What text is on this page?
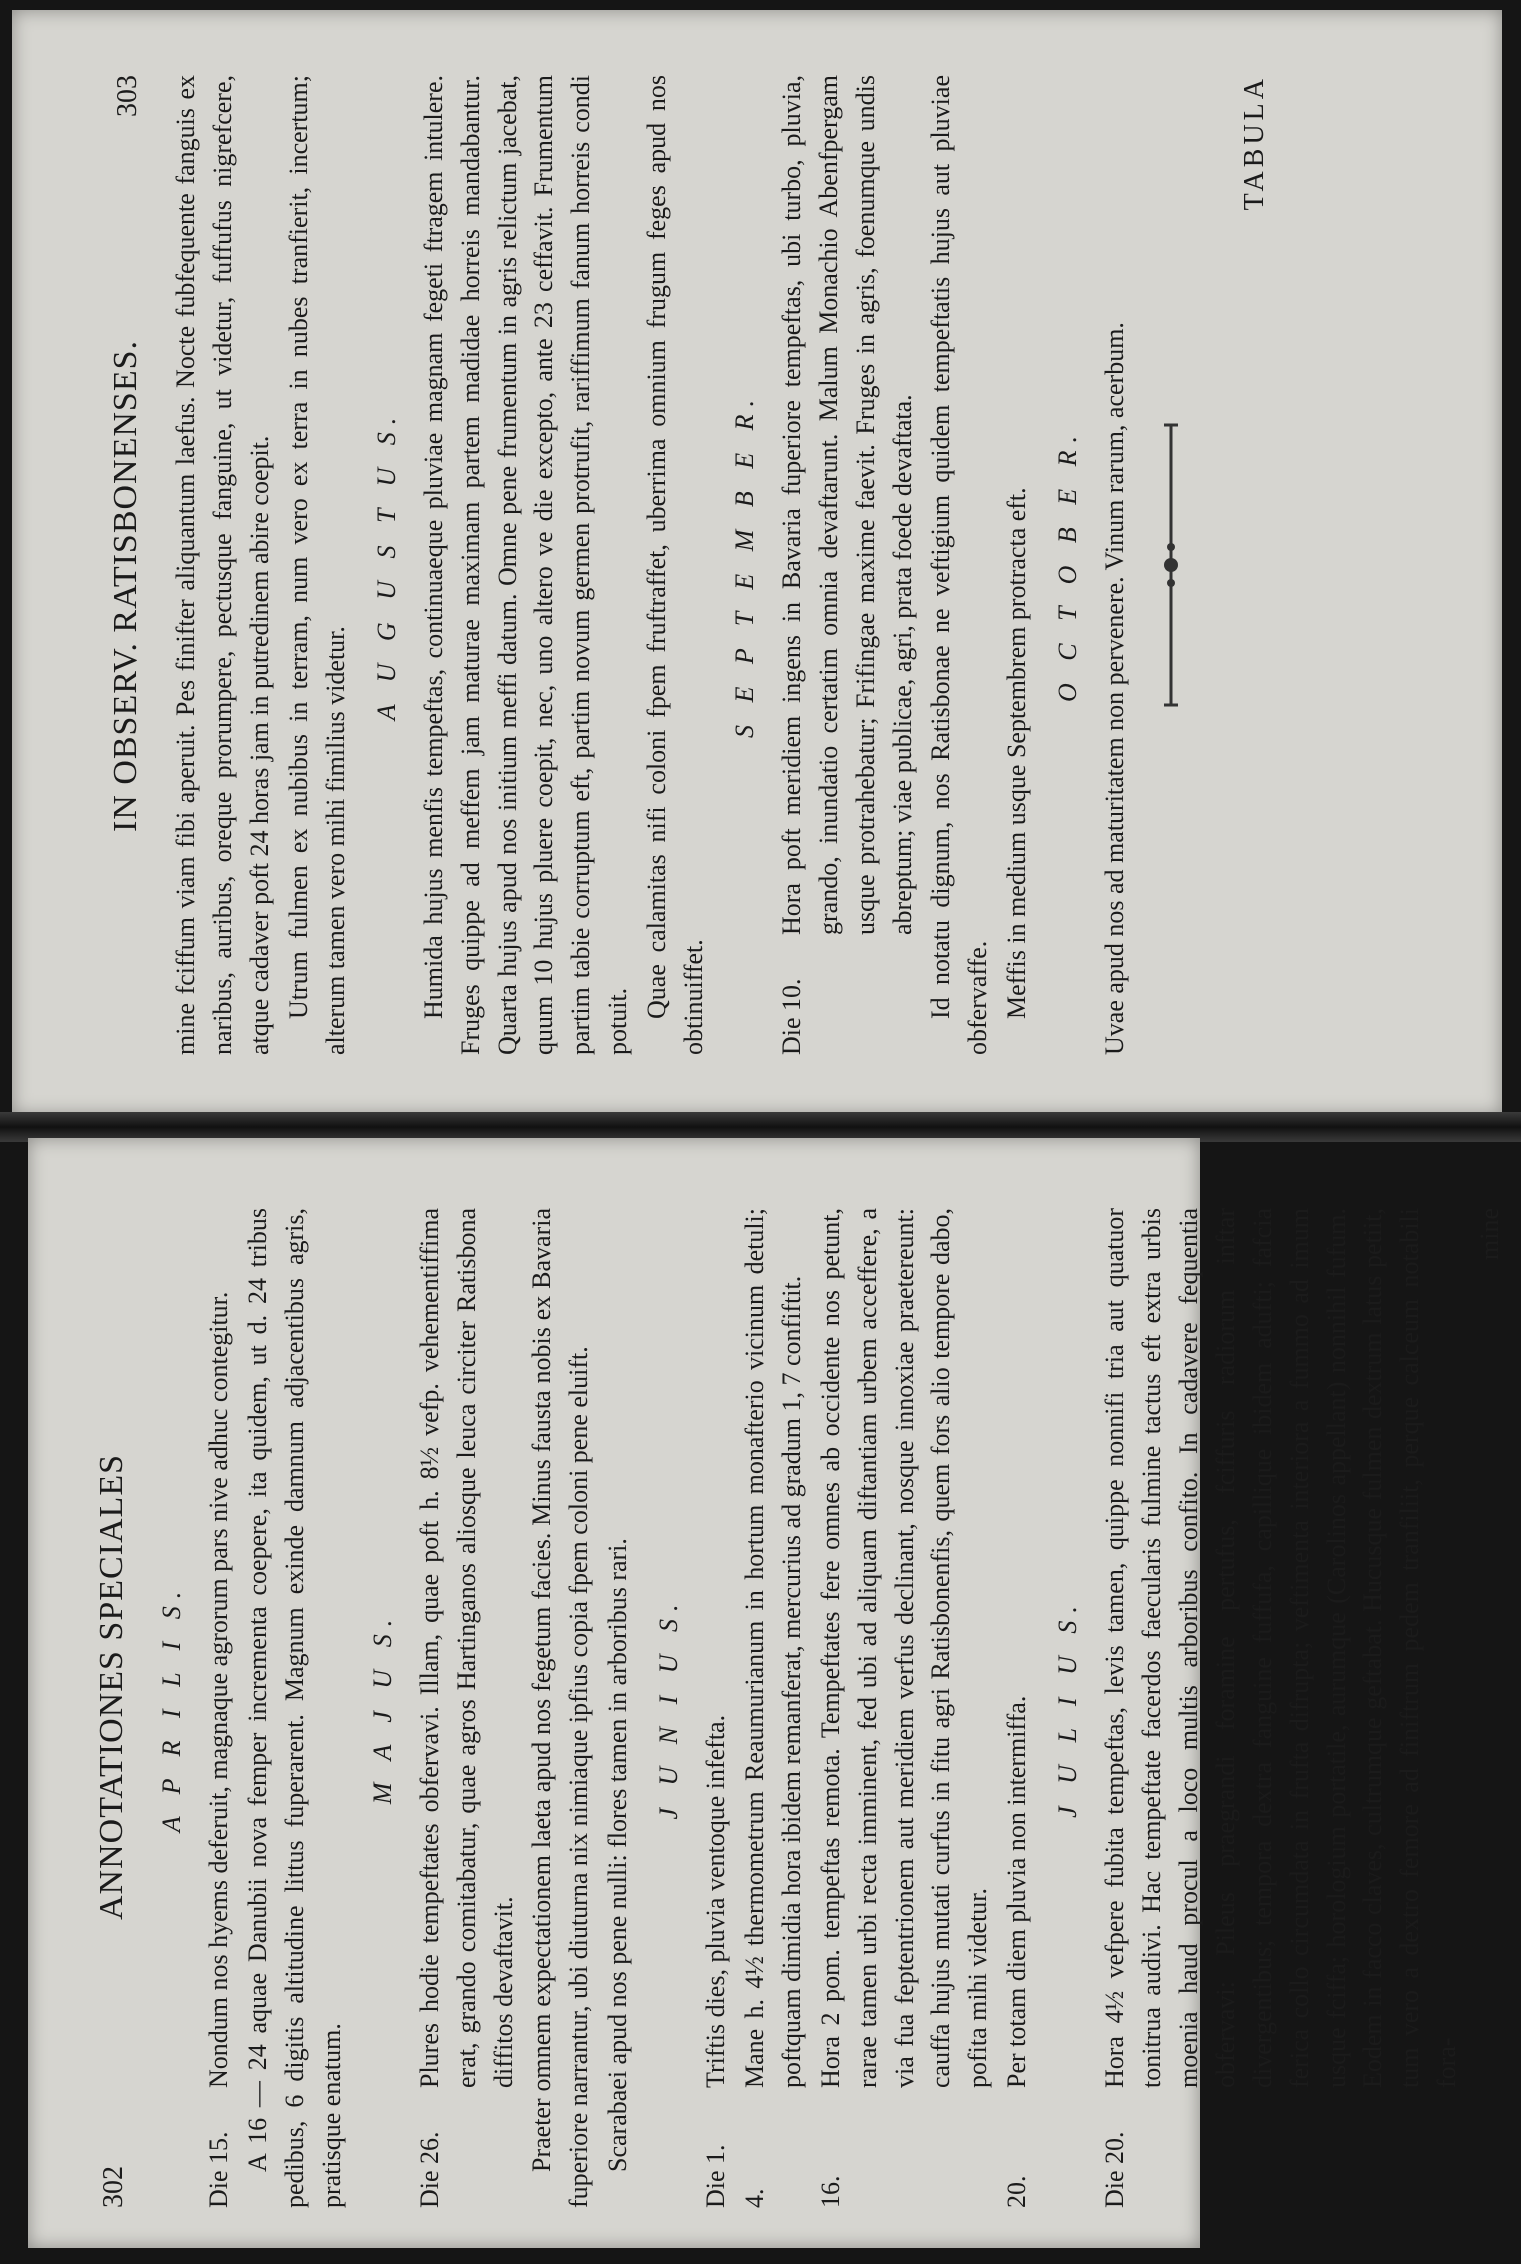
IN OBSERV. RATISBONENSES.
303 mine fciffum viam fibi aperuit. Pes finifter aliquantum laefus. Nocte fubfequente fanguis ex naribus, auribus, oreque prorumpere, pectusque fanguine, ut videtur, fuffufus nigrefcere, atque cadaver poft 24 horas jam in putredinem abire coepit. Utrum fulmen ex nubibus in terram, num vero ex terra in nubes tranfierit, incertum; alterum tamen vero mihi fimilius videtur.
A U G U S T U S. Humida hujus menfis tempeftas, continuaeque pluviae magnam fegeti ftragem intulere. Fruges quippe ad meffem jam maturae maximam partem madidae horreis mandabantur. Quarta hujus apud nos initium meffi datum. Omne pene frumentum in agris relictum jacebat, quum 10 hujus pluere coepit, nec, uno altero ve die excepto, ante 23 ceffavit. Frumentum partim tabie corruptum eft, partim novum germen protrufit, rariffimum fanum horreis condi potuit.
Quae calamitas nifi coloni fpem fruftraffet, uberrima omnium frugum feges apud nos obtinuiffet.
S E P T E M B E R.
Die 10.
Hora poft meridiem ingens in Bavaria fuperiore tempeftas, ubi turbo, pluvia, grando, inundatio certatim omnia devaftarunt. Malum Monachio Abenfpergam usque protrahebatur; Frifingae maxime faevit. Fruges in agris, foenumque undis abreptum; viae publicae, agri, prata foede devaftata. Id notatu dignum, nos Ratisbonae ne veftigium quidem tempeftatis hujus aut pluviae obfervaffe. Meffis in medium usque Septembrem protracta eft. O C T O B E R. Uvae apud nos ad maturitatem non pervenere. Vinum rarum, acerbum.
TABULA
302
ANNOTATIONES SPECIALES A P R I L I S.
Die 15.
Nondum nos hyems deferuit, magnaque agrorum pars nive adhuc contegitur. A 16 — 24 aquae Danubii nova femper incrementa coepere, ita quidem, ut d. 24 tribus pedibus, 6 digitis altitudine littus fuperarent. Magnum exinde damnum adjacentibus agris, pratisque enatum.
M A J U S.
Die 26.
Plures hodie tempeftates obfervavi. Illam, quae poft h. 8½ vefp. vehementiffima erat, grando comitabatur, quae agros Hartinganos aliosque leuca circiter Ratisbona diffitos devaftavit. Praeter omnem expectationem laeta apud nos fegetum facies. Minus fausta nobis ex Bavaria fuperiore narrantur, ubi diuturna nix nimiaque ipfius copia fpem coloni pene eluift. Scarabaei apud nos pene nulli: flores tamen in arboribus rari. J U N I U S.
Die 1.
Triftis dies, pluvia ventoque infefta.
4.
Mane h. 4½ thermometrum Reaumurianum in hortum monafterio vicinum detuli; poftquam dimidia hora ibidem remanferat, mercurius ad gradum 1, 7 confiftit.
16.
Hora 2 pom. tempeftas remota. Tempeftates fere omnes ab occidente nos petunt, rarae tamen urbi recta imminent, fed ubi ad aliquam diftantiam urbem acceffere, a via fua feptentrionem aut meridiem verfus declinant, nosque innoxiae praetereunt: cauffa hujus mutati curfus in fitu agri Ratisbonenfis, quem fors alio tempore dabo, pofita mihi videtur.
20.
Per totam diem pluvia non intermiffa. J U L I U S.
Die 20.
Hora 4½ vefpere fubita tempeftas, levis tamen, quippe nonnifi tria aut quatuor tonitrua audivi. Hac tempeftate facerdos faecularis fulmine tactus eft extra urbis moenia haud procul a loco multis arboribus confito. In cadavere fequentia obfervavi: Pileus praegrandi foramine pertufus, fciffuris radiorum inftar divergentibus; tempora dextra fanguine fuffufa, capillique ibidem adufti; fafcia ferica collo circumdata in frufta difrupta; veftimenta interiora a fummo ad imum usque fciffa; horologium portatile, aurumque (Carolinos appellant) nonnihil fufum. Eodem in facco claves, cultrumque geftabat. Hucusque fulmen dextrum latus petiit, tum vero a dextro femore ad finiftrum pedem tranfiliit, perque calceum notabili fora-
mine
